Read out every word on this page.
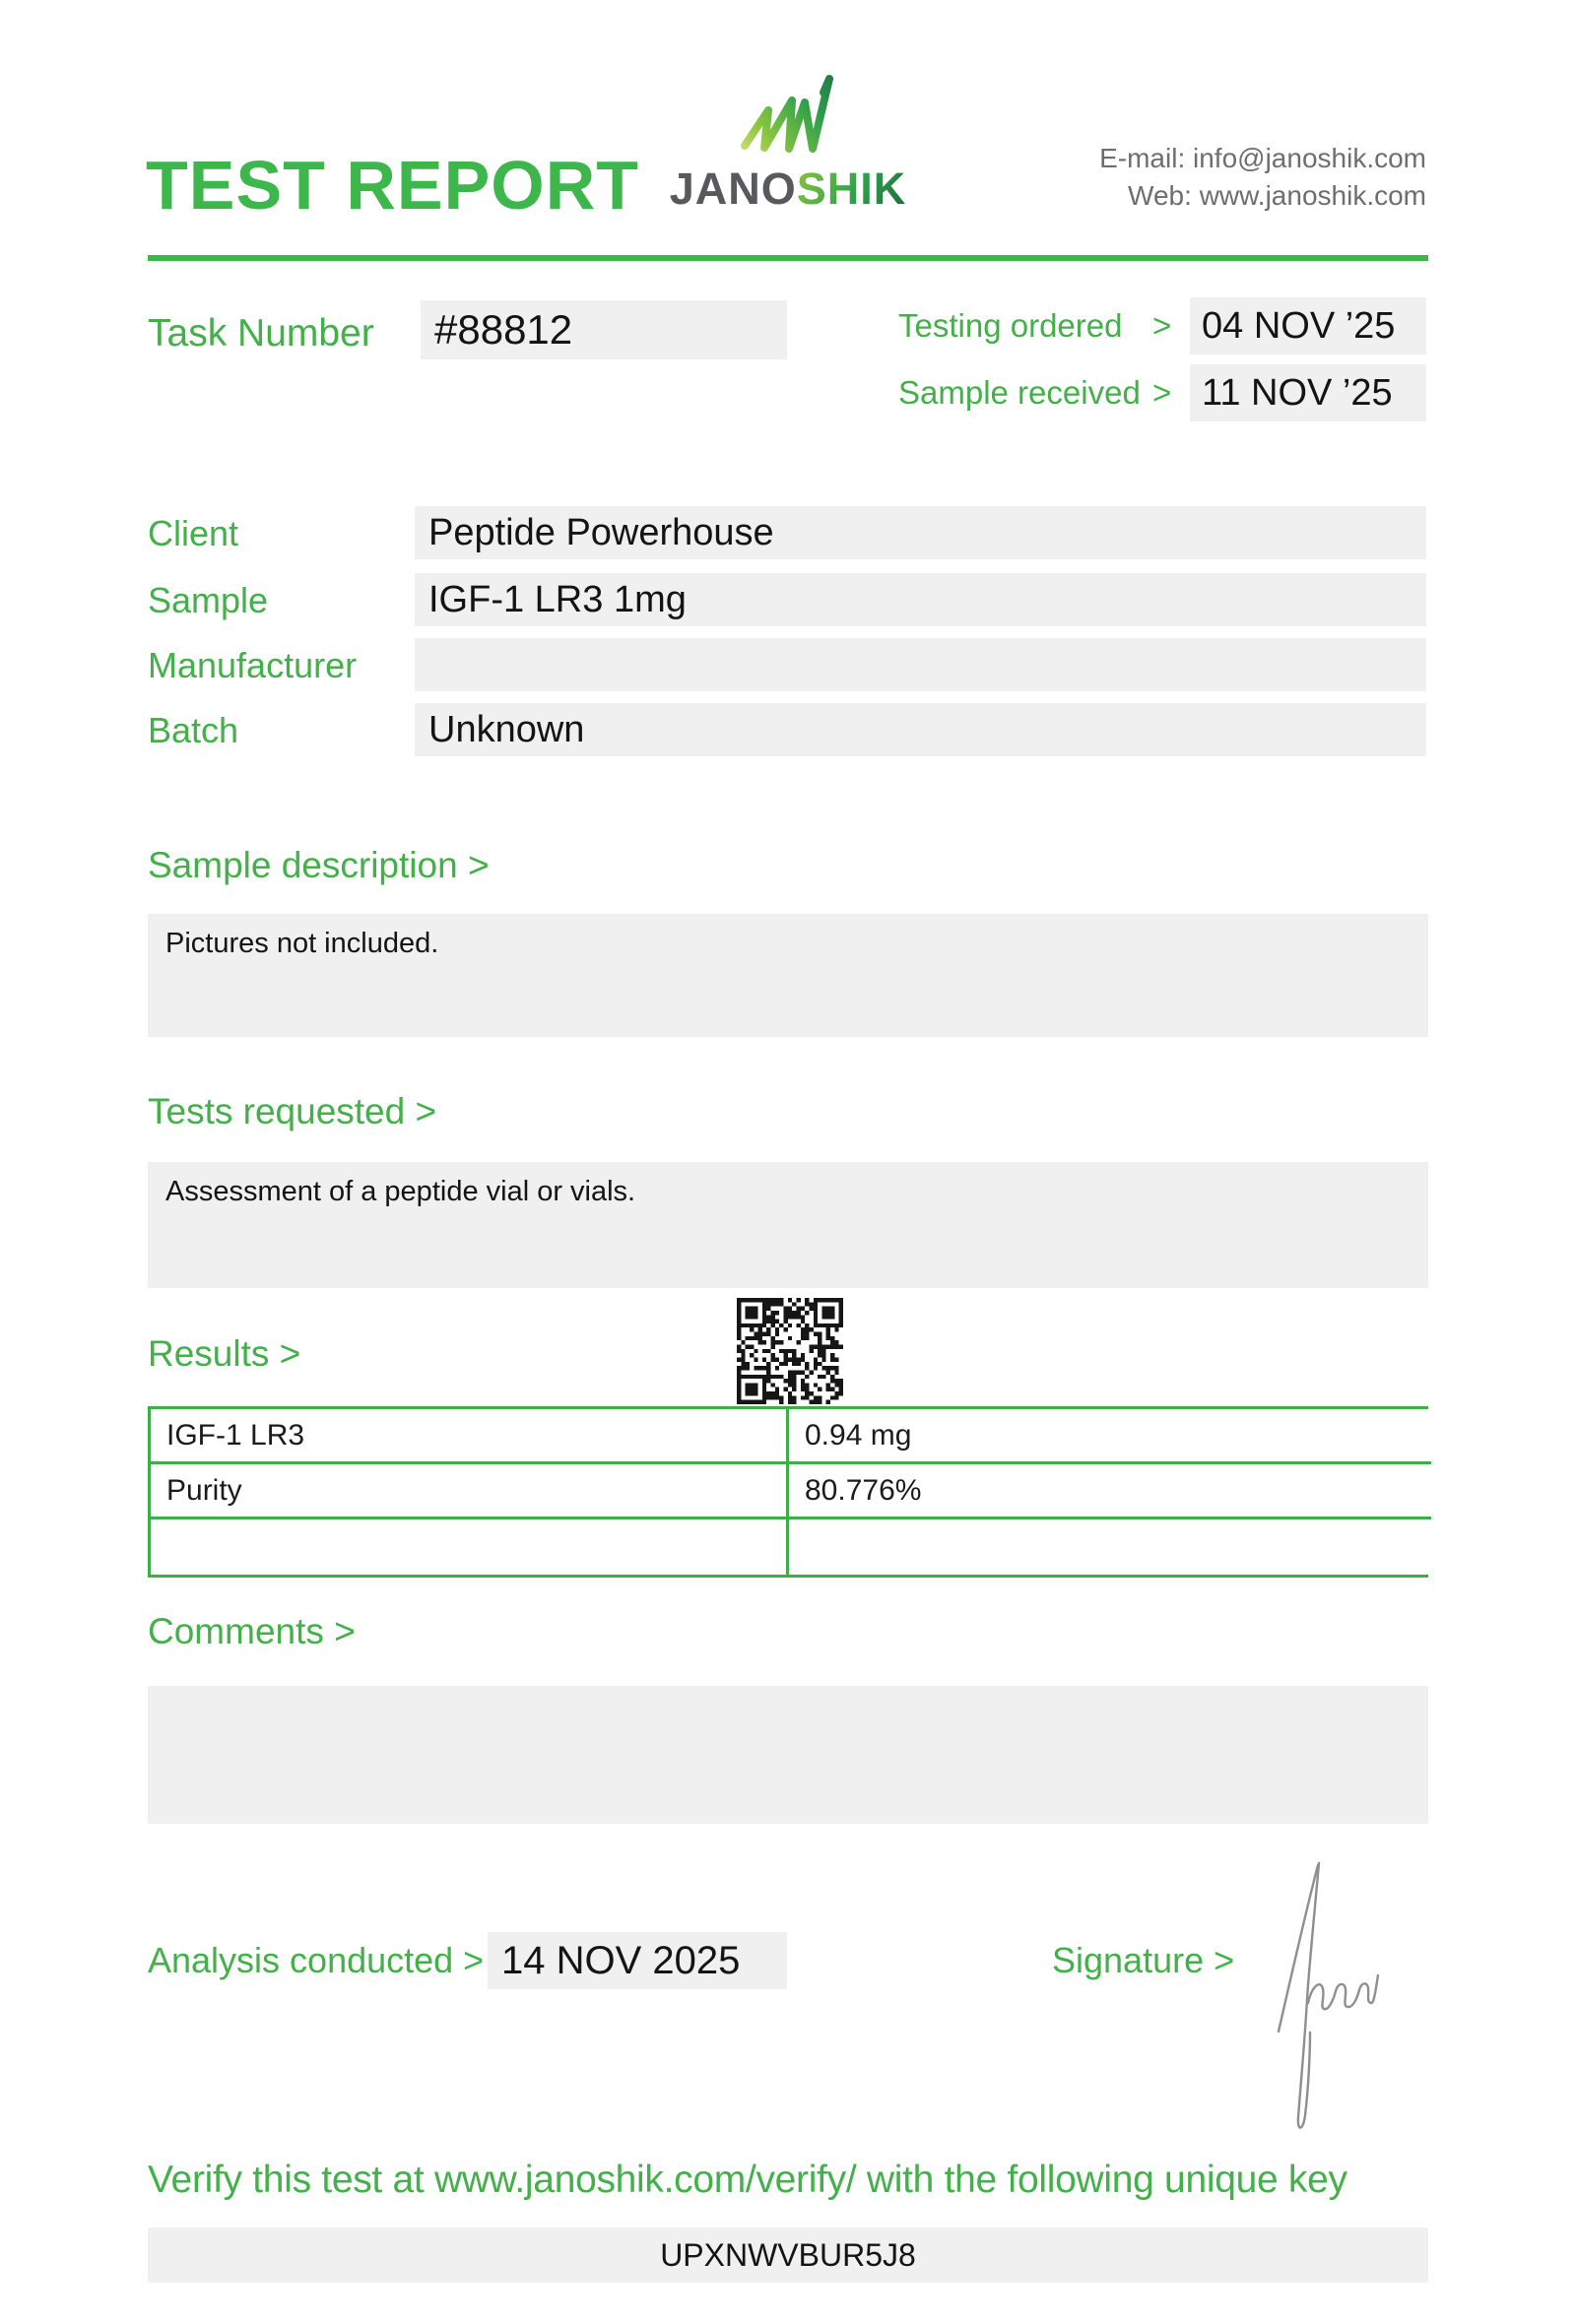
TEST REPORT JANOSHIK
E-mail: info@janoshik.com
Web: www.janoshik.com
Task Number	#88812	Testing ordered > 04 NOV ’25
Sample received > 11 NOV ’25
Client	Peptide Powerhouse
Sample	IGF-1 LR3 1mg
Manufacturer
Batch	Unknown
Sample description >
Pictures not included.
Tests requested >
Assessment of a peptide vial or vials.
Results >
IGF-1 LR3	0.94 mg
Purity	80.776%
Comments >
Analysis conducted > 14 NOV 2025	Signature >
Verify this test at www.janoshik.com/verify/ with the following unique key
UPXNWVBUR5J8
